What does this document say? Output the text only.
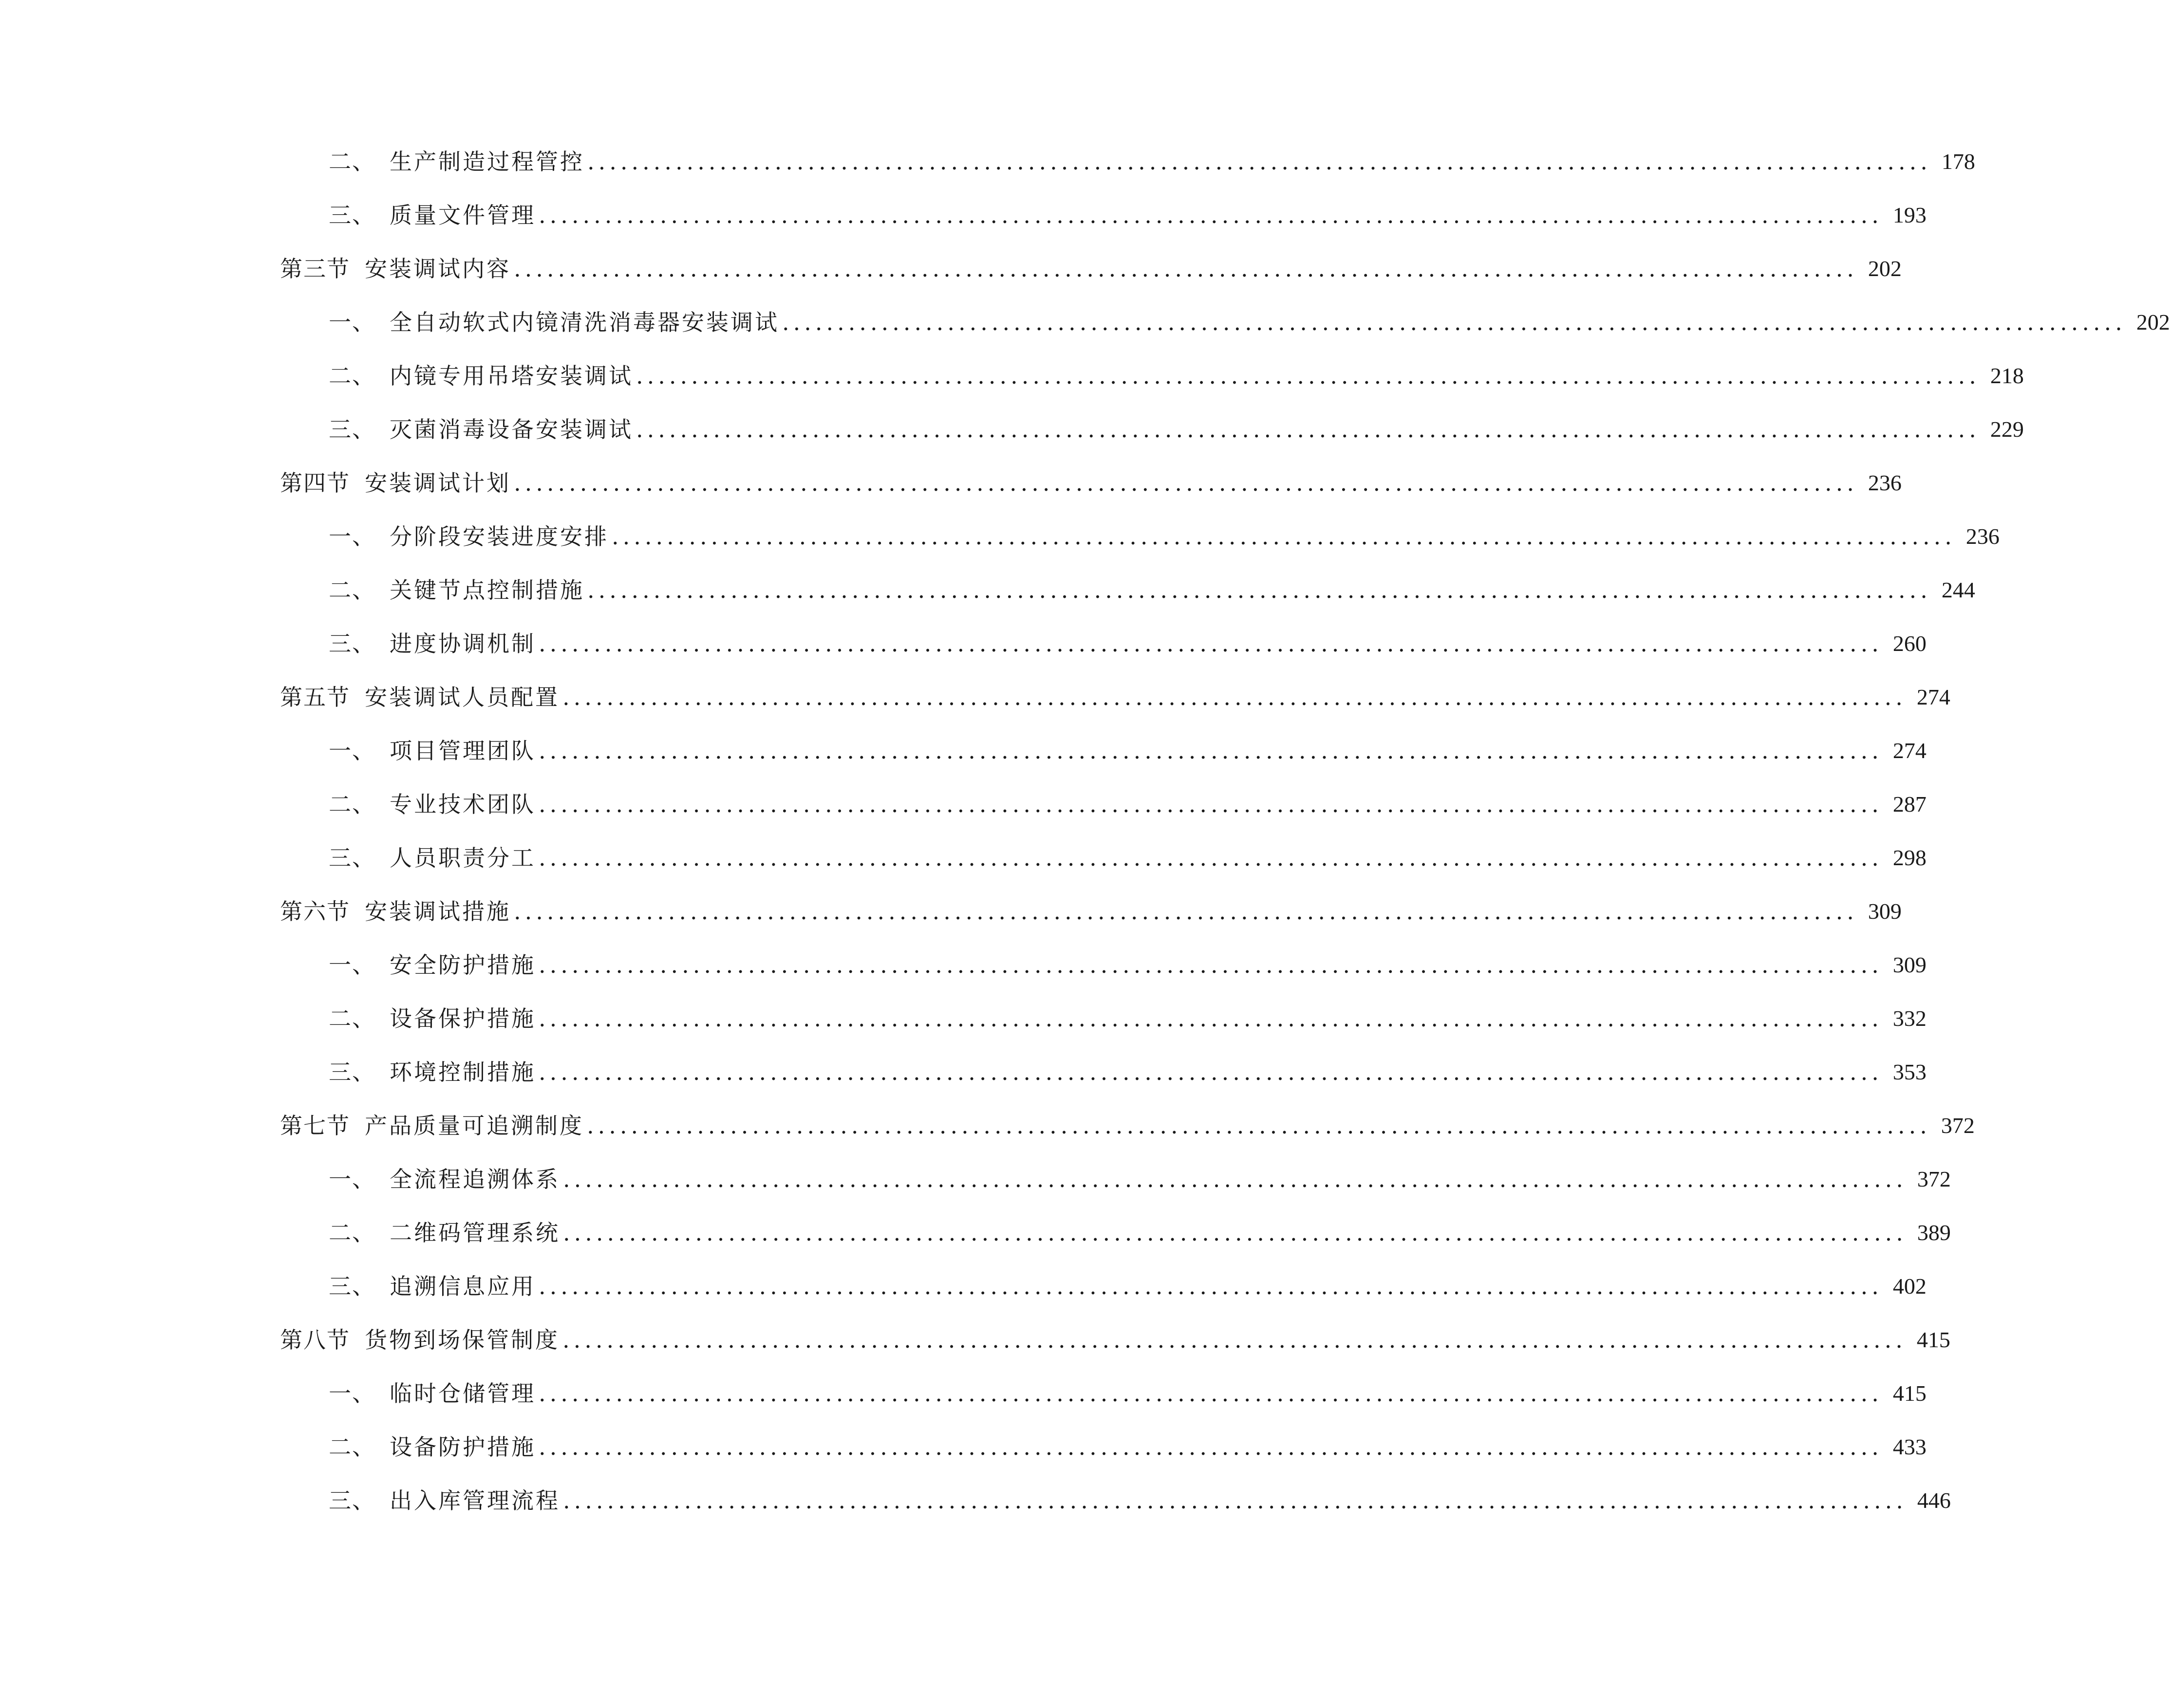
二、 生产制造过程管控 .......................................................................................................................... 178
三、 质量文件管理 .......................................................................................................................... 193
第三节 安装调试内容 .......................................................................................................................... 202
一、 全自动软式内镜清洗消毒器安装调试 .......................................................................................................................... 202
二、 内镜专用吊塔安装调试 .......................................................................................................................... 218
三、 灭菌消毒设备安装调试 .......................................................................................................................... 229
第四节 安装调试计划 .......................................................................................................................... 236
一、 分阶段安装进度安排 .......................................................................................................................... 236
二、 关键节点控制措施 .......................................................................................................................... 244
三、 进度协调机制 .......................................................................................................................... 260
第五节 安装调试人员配置 .......................................................................................................................... 274
一、 项目管理团队 .......................................................................................................................... 274
二、 专业技术团队 .......................................................................................................................... 287
三、 人员职责分工 .......................................................................................................................... 298
第六节 安装调试措施 .......................................................................................................................... 309
一、 安全防护措施 .......................................................................................................................... 309
二、 设备保护措施 .......................................................................................................................... 332
三、 环境控制措施 .......................................................................................................................... 353
第七节 产品质量可追溯制度 .......................................................................................................................... 372
一、 全流程追溯体系 .......................................................................................................................... 372
二、 二维码管理系统 .......................................................................................................................... 389
三、 追溯信息应用 .......................................................................................................................... 402
第八节 货物到场保管制度 .......................................................................................................................... 415
一、 临时仓储管理 .......................................................................................................................... 415
二、 设备防护措施 .......................................................................................................................... 433
三、 出入库管理流程 .......................................................................................................................... 446
